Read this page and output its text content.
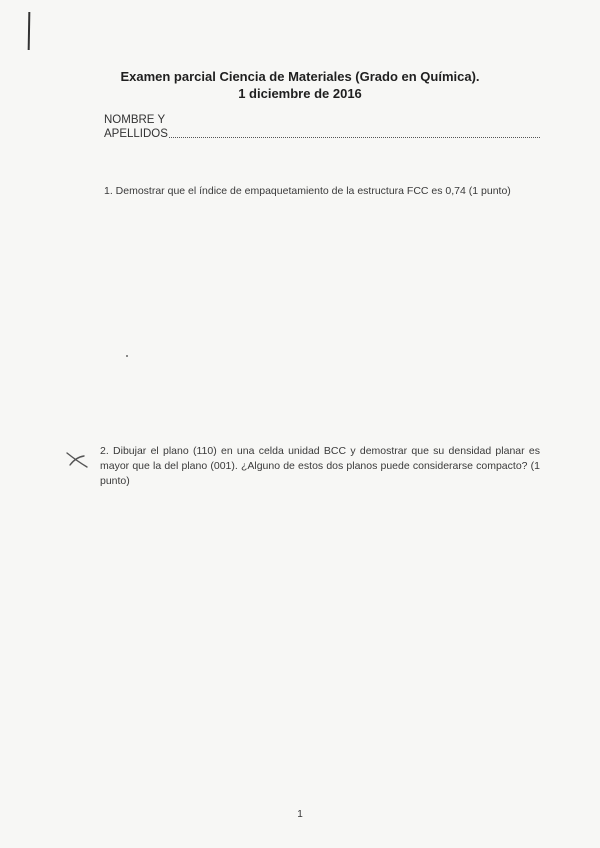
Examen parcial Ciencia de Materiales (Grado en Química).
1 diciembre de 2016
NOMBRE Y
APELLIDOS
1. Demostrar que el índice de empaquetamiento de la estructura FCC es 0,74 (1 punto)
2. Dibujar el plano (110) en una celda unidad BCC y demostrar que su densidad planar es mayor que la del plano (001). ¿Alguno de estos dos planos puede considerarse compacto? (1 punto)
1
